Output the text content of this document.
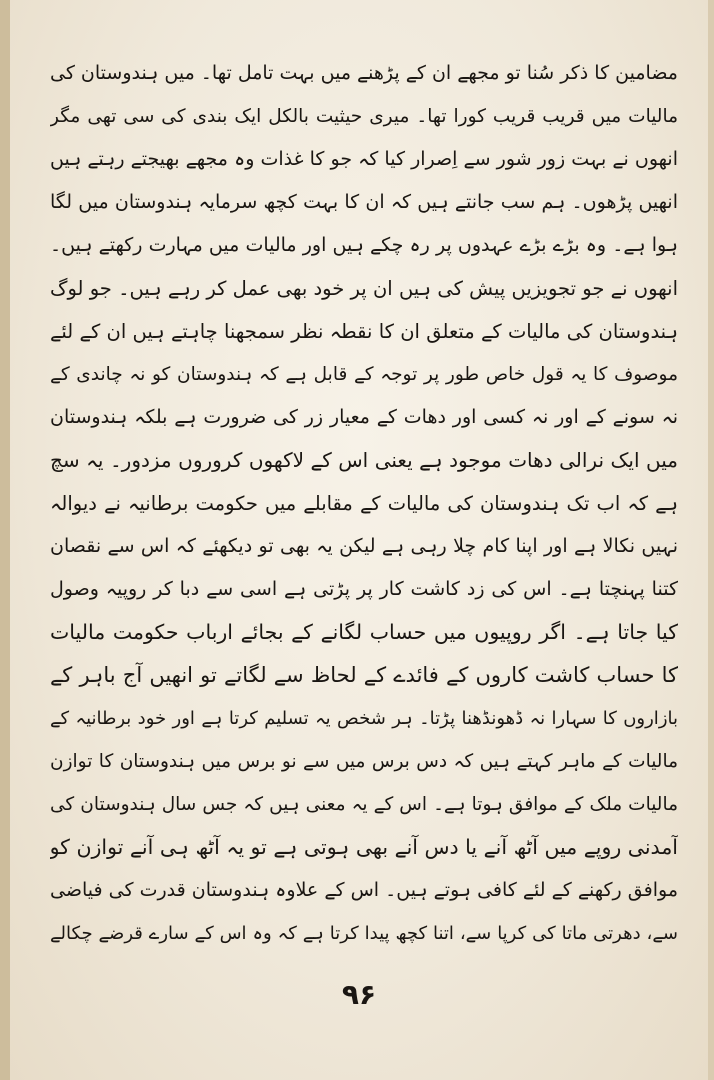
مضامین کا ذکر سُنا تو مجھے ان کے پڑھنے میں بہت تامل تھا۔ میں ہندوستان کی
مالیات میں قریب قریب کورا تھا۔ میری حیثیت بالکل ایک بندی کی سی تھی مگر
انھوں نے بہت زور شور سے اِصرار کیا کہ جو کا غذات وہ مجھے بھیجتے رہتے ہیں
انھیں پڑھوں۔ ہم سب جانتے ہیں کہ ان کا بہت کچھ سرمایہ ہندوستان میں لگا
ہوا ہے۔ وہ بڑے بڑے عہدوں پر رہ چکے ہیں اور مالیات میں مہارت رکھتے ہیں۔
انھوں نے جو تجویزیں پیش کی ہیں ان پر خود بھی عمل کر رہے ہیں۔ جو لوگ
ہندوستان کی مالیات کے متعلق ان کا نقطہ نظر سمجھنا چاہتے ہیں ان کے لئے
موصوف کا یہ قول خاص طور پر توجہ کے قابل ہے کہ ہندوستان کو نہ چاندی کے
نہ سونے کے اور نہ کسی اور دھات کے معیار زر کی ضرورت ہے بلکہ ہندوستان
میں ایک نرالی دھات موجود ہے یعنی اس کے لاکھوں کروروں مزدور۔ یہ سچ
ہے کہ اب تک ہندوستان کی مالیات کے مقابلے میں حکومت برطانیہ نے دیوالہ
نہیں نکالا ہے اور اپنا کام چلا رہی ہے لیکن یہ بھی تو دیکھئے کہ اس سے نقصان
کتنا پہنچتا ہے۔ اس کی زد کاشت کار پر پڑتی ہے اسی سے دبا کر روپیہ وصول
کیا جاتا ہے۔ اگر روپیوں میں حساب لگانے کے بجائے ارباب حکومت مالیات
کا حساب کاشت کاروں کے فائدے کے لحاظ سے لگاتے تو انھیں آج باہر کے
بازاروں کا سہارا نہ ڈھونڈھنا پڑتا۔ ہر شخص یہ تسلیم کرتا ہے اور خود برطانیہ کے
مالیات کے ماہر کہتے ہیں کہ دس برس میں سے نو برس میں ہندوستان کا توازن
مالیات ملک کے موافق ہوتا ہے۔ اس کے یہ معنی ہیں کہ جس سال ہندوستان کی
آمدنی روپے میں آٹھ آنے یا دس آنے بھی ہوتی ہے تو یہ آٹھ ہی آنے توازن کو
موافق رکھنے کے لئے کافی ہوتے ہیں۔ اس کے علاوہ ہندوستان قدرت کی فیاضی
سے، دھرتی ماتا کی کرپا سے، اتنا کچھ پیدا کرتا ہے کہ وہ اس کے سارے قرضے چکالے
۹۶
